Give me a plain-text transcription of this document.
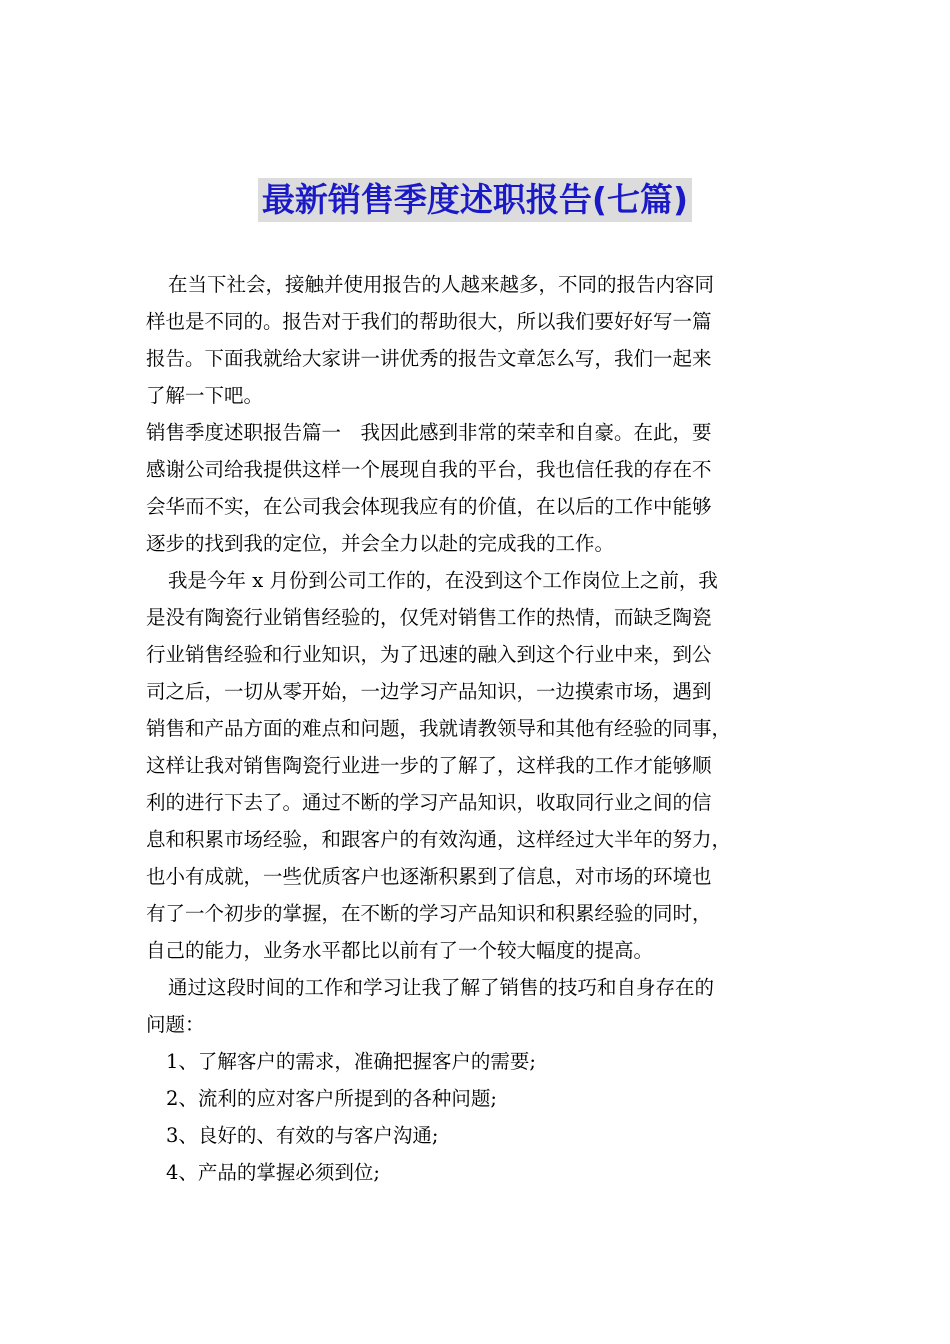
最新销售季度述职报告(七篇)

在当下社会，接触并使用报告的人越来越多，不同的报告内容同
样也是不同的。报告对于我们的帮助很大，所以我们要好好写一篇
报告。下面我就给大家讲一讲优秀的报告文章怎么写，我们一起来
了解一下吧。

销售季度述职报告篇一　我因此感到非常的荣幸和自豪。在此，要
感谢公司给我提供这样一个展现自我的平台，我也信任我的存在不
会华而不实，在公司我会体现我应有的价值，在以后的工作中能够
逐步的找到我的定位，并会全力以赴的完成我的工作。

我是今年 x 月份到公司工作的，在没到这个工作岗位上之前，我
是没有陶瓷行业销售经验的，仅凭对销售工作的热情，而缺乏陶瓷
行业销售经验和行业知识，为了迅速的融入到这个行业中来，到公
司之后，一切从零开始，一边学习产品知识，一边摸索市场，遇到
销售和产品方面的难点和问题，我就请教领导和其他有经验的同事，
这样让我对销售陶瓷行业进一步的了解了，这样我的工作才能够顺
利的进行下去了。通过不断的学习产品知识，收取同行业之间的信
息和积累市场经验，和跟客户的有效沟通，这样经过大半年的努力，
也小有成就，一些优质客户也逐渐积累到了信息，对市场的环境也
有了一个初步的掌握，在不断的学习产品知识和积累经验的同时，
自己的能力，业务水平都比以前有了一个较大幅度的提高。

通过这段时间的工作和学习让我了解了销售的技巧和自身存在的
问题：

1、了解客户的需求，准确把握客户的需要;

2、流利的应对客户所提到的各种问题;

3、良好的、有效的与客户沟通;

4、产品的掌握必须到位;
